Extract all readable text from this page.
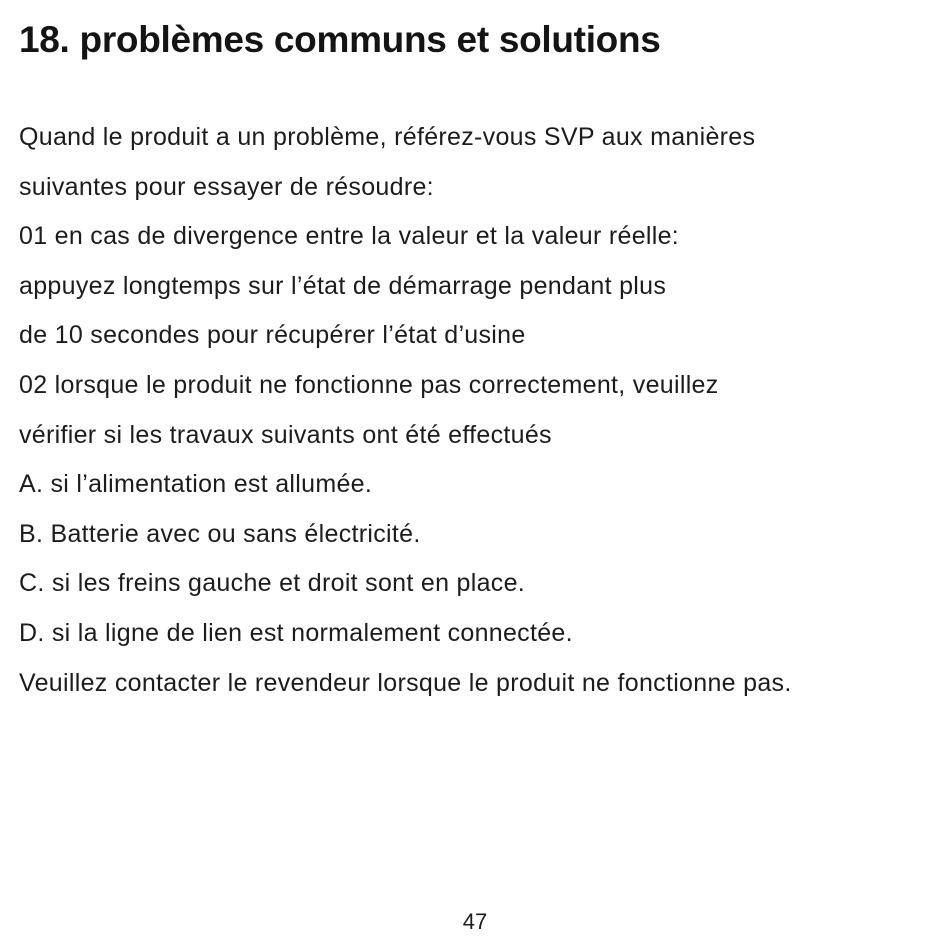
18. problèmes communs et solutions
Quand le produit a un problème, référez-vous SVP aux manières
suivantes pour essayer de résoudre:
01 en cas de divergence entre la valeur et la valeur réelle:
appuyez longtemps sur l’état de démarrage pendant plus
de 10 secondes pour récupérer l’état d’usine
02 lorsque le produit ne fonctionne pas correctement, veuillez
vérifier si les travaux suivants ont été effectués
A. si l’alimentation est allumée.
B. Batterie avec ou sans électricité.
C. si les freins gauche et droit sont en place.
D. si la ligne de lien est normalement connectée.
Veuillez contacter le revendeur lorsque le produit ne fonctionne pas.
47
